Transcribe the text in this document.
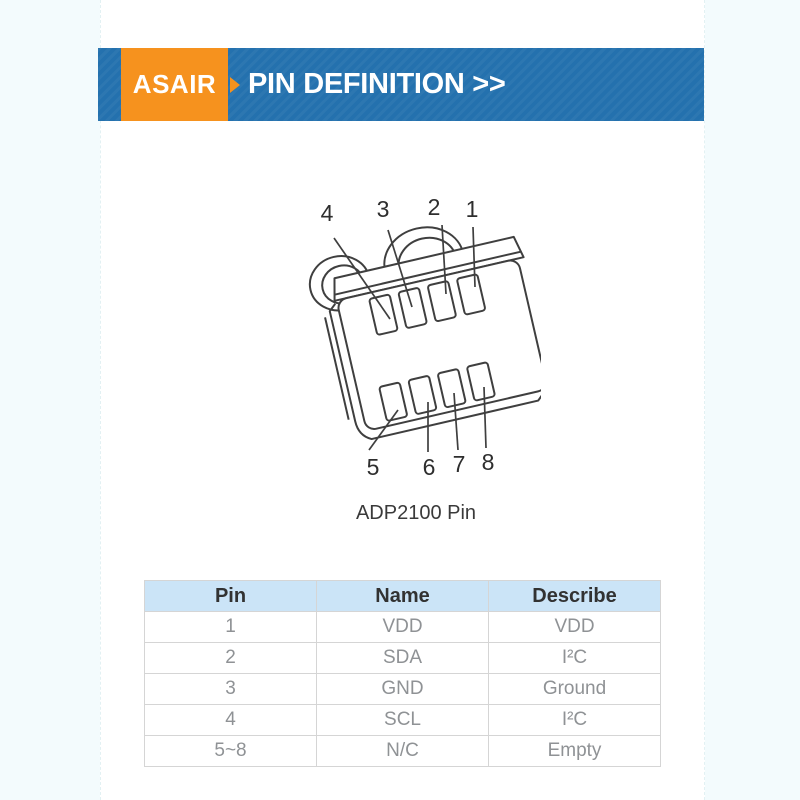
ASAIR PIN DEFINITION >>
4 3 2 1
5 6 7 8
ADP2100 Pin
Pin	Name	Describe
1	VDD	VDD
2	SDA	I²C
3	GND	Ground
4	SCL	I²C
5~8	N/C	Empty
